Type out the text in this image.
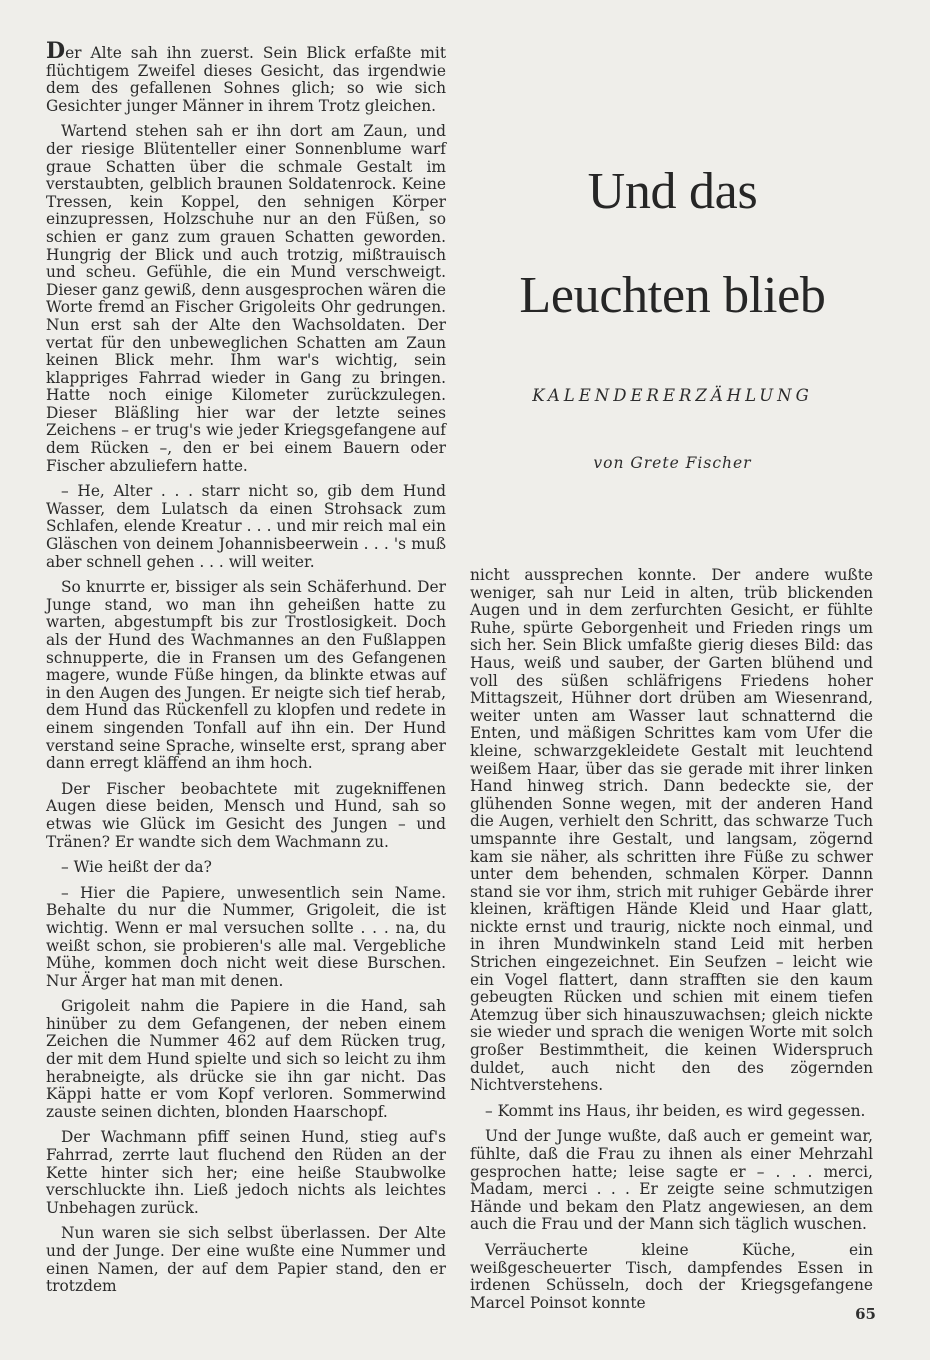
Der Alte sah ihn zuerst. Sein Blick erfaßte mit flüchtigem Zweifel dieses Gesicht, das irgendwie dem des gefallenen Sohnes glich; so wie sich Gesichter junger Männer in ihrem Trotz gleichen.

Wartend stehen sah er ihn dort am Zaun, und der riesige Blütenteller einer Sonnenblume warf graue Schatten über die schmale Gestalt im verstaubten, gelblich braunen Soldatenrock. Keine Tressen, kein Koppel, den sehnigen Körper einzupressen, Holzschuhe nur an den Füßen, so schien er ganz zum grauen Schatten geworden. Hungrig der Blick und auch trotzig, mißtrauisch und scheu. Gefühle, die ein Mund verschweigt. Dieser ganz gewiß, denn ausgesprochen wären die Worte fremd an Fischer Grigoleits Ohr gedrungen. Nun erst sah der Alte den Wachsoldaten. Der vertat für den unbeweglichen Schatten am Zaun keinen Blick mehr. Ihm war's wichtig, sein klappriges Fahrrad wieder in Gang zu bringen. Hatte noch einige Kilometer zurückzulegen. Dieser Bläßling hier war der letzte seines Zeichens – er trug's wie jeder Kriegsgefangene auf dem Rücken –, den er bei einem Bauern oder Fischer abzuliefern hatte.

– He, Alter . . . starr nicht so, gib dem Hund Wasser, dem Lulatsch da einen Strohsack zum Schlafen, elende Kreatur . . . und mir reich mal ein Gläschen von deinem Johannisbeerwein . . . 's muß aber schnell gehen . . . will weiter.

So knurrte er, bissiger als sein Schäferhund. Der Junge stand, wo man ihn geheißen hatte zu warten, abgestumpft bis zur Trostlosigkeit. Doch als der Hund des Wachmannes an den Fußlappen schnupperte, die in Fransen um des Gefangenen magere, wunde Füße hingen, da blinkte etwas auf in den Augen des Jungen. Er neigte sich tief herab, dem Hund das Rückenfell zu klopfen und redete in einem singenden Tonfall auf ihn ein. Der Hund verstand seine Sprache, winselte erst, sprang aber dann erregt kläffend an ihm hoch.

Der Fischer beobachtete mit zugekniffenen Augen diese beiden, Mensch und Hund, sah so etwas wie Glück im Gesicht des Jungen – und Tränen? Er wandte sich dem Wachmann zu.

– Wie heißt der da?

– Hier die Papiere, unwesentlich sein Name. Behalte du nur die Nummer, Grigoleit, die ist wichtig. Wenn er mal versuchen sollte . . . na, du weißt schon, sie probieren's alle mal. Vergebliche Mühe, kommen doch nicht weit diese Burschen. Nur Ärger hat man mit denen.

Grigoleit nahm die Papiere in die Hand, sah hinüber zu dem Gefangenen, der neben einem Zeichen die Nummer 462 auf dem Rücken trug, der mit dem Hund spielte und sich so leicht zu ihm herabneigte, als drücke sie ihn gar nicht. Das Käppi hatte er vom Kopf verloren. Sommerwind zauste seinen dichten, blonden Haarschopf.

Der Wachmann pfiff seinen Hund, stieg auf's Fahrrad, zerrte laut fluchend den Rüden an der Kette hinter sich her; eine heiße Staubwolke verschluckte ihn. Ließ jedoch nichts als leichtes Unbehagen zurück.

Nun waren sie sich selbst überlassen. Der Alte und der Junge. Der eine wußte eine Nummer und einen Namen, der auf dem Papier stand, den er trotzdem

Und das
Leuchten blieb
KALENDERERZÄHLUNG
von Grete Fischer

nicht aussprechen konnte. Der andere wußte weniger, sah nur Leid in alten, trüb blickenden Augen und in dem zerfurchten Gesicht, er fühlte Ruhe, spürte Geborgenheit und Frieden rings um sich her. Sein Blick umfaßte gierig dieses Bild: das Haus, weiß und sauber, der Garten blühend und voll des süßen schläfrigens Friedens hoher Mittagszeit, Hühner dort drüben am Wiesenrand, weiter unten am Wasser laut schnatternd die Enten, und mäßigen Schrittes kam vom Ufer die kleine, schwarzgekleidete Gestalt mit leuchtend weißem Haar, über das sie gerade mit ihrer linken Hand hinweg strich. Dann bedeckte sie, der glühenden Sonne wegen, mit der anderen Hand die Augen, verhielt den Schritt, das schwarze Tuch umspannte ihre Gestalt, und langsam, zögernd kam sie näher, als schritten ihre Füße zu schwer unter dem behenden, schmalen Körper. Dannn stand sie vor ihm, strich mit ruhiger Gebärde ihrer kleinen, kräftigen Hände Kleid und Haar glatt, nickte ernst und traurig, nickte noch einmal, und in ihren Mundwinkeln stand Leid mit herben Strichen eingezeichnet. Ein Seufzen – leicht wie ein Vogel flattert, dann strafften sie den kaum gebeugten Rücken und schien mit einem tiefen Atemzug über sich hinauszuwachsen; gleich nickte sie wieder und sprach die wenigen Worte mit solch großer Bestimmtheit, die keinen Widerspruch duldet, auch nicht den des zögernden Nichtverstehens.

– Kommt ins Haus, ihr beiden, es wird gegessen.

Und der Junge wußte, daß auch er gemeint war, fühlte, daß die Frau zu ihnen als einer Mehrzahl gesprochen hatte; leise sagte er – . . . merci, Madam, merci . . . Er zeigte seine schmutzigen Hände und bekam den Platz angewiesen, an dem auch die Frau und der Mann sich täglich wuschen.

Verräucherte kleine Küche, ein weißgescheuerter Tisch, dampfendes Essen in irdenen Schüsseln, doch der Kriegsgefangene Marcel Poinsot konnte

65
